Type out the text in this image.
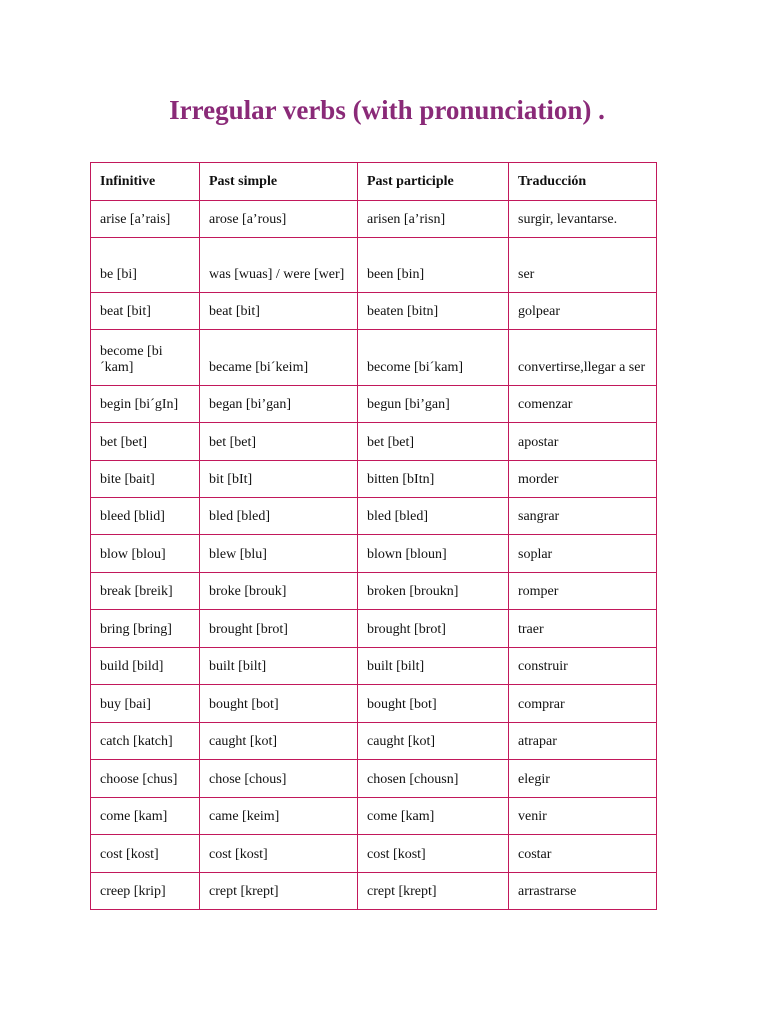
Irregular verbs (with pronunciation) .
Infinitive	Past simple	Past participle	Traducción
arise [a’rais]	arose [a’rous]	arisen [a’risn]	surgir, levantarse.
be [bi]	was [wuas] / were [wer]	been [bin]	ser
beat [bit]	beat [bit]	beaten [bitn]	golpear
become [bi´kam]	became [bi´keim]	become [bi´kam]	convertirse,llegar a ser
begin [bi´gIn]	began [bi’gan]	begun [bi’gan]	comenzar
bet [bet]	bet [bet]	bet [bet]	apostar
bite [bait]	bit [bIt]	bitten [bItn]	morder
bleed [blid]	bled [bled]	bled [bled]	sangrar
blow [blou]	blew [blu]	blown [bloun]	soplar
break [breik]	broke [brouk]	broken [broukn]	romper
bring [bring]	brought [brot]	brought [brot]	traer
build [bild]	built [bilt]	built [bilt]	construir
buy [bai]	bought [bot]	bought [bot]	comprar
catch [katch]	caught [kot]	caught [kot]	atrapar
choose [chus]	chose [chous]	chosen [chousn]	elegir
come [kam]	came [keim]	come [kam]	venir
cost [kost]	cost [kost]	cost [kost]	costar
creep [krip]	crept [krept]	crept [krept]	arrastrarse
